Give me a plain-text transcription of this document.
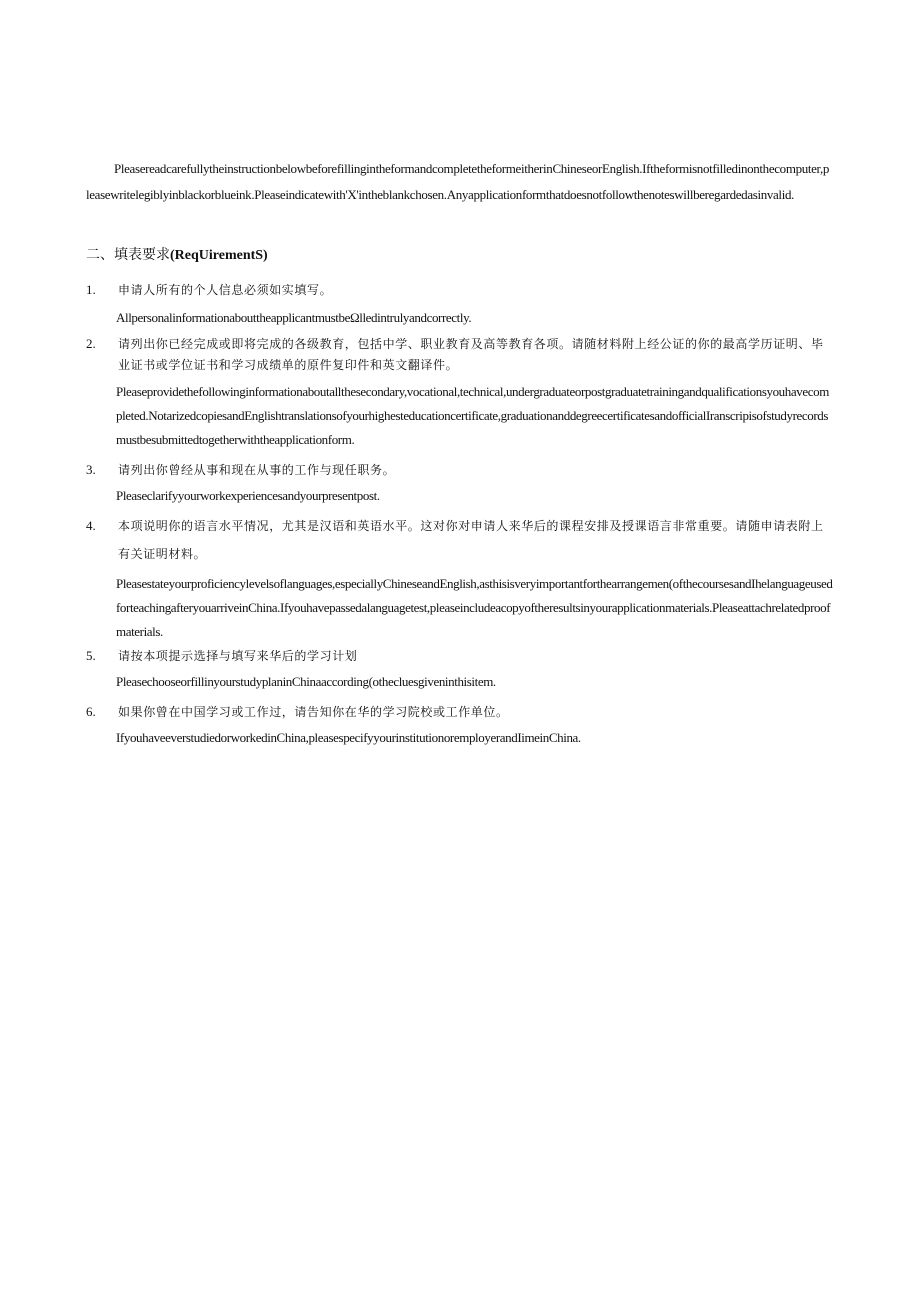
PleasereadcarefullytheinstructionbelowbeforefillingintheformandcompletetheformeitherinChineseorEnglish.Iftheformisnotfilledinonthecomputer,pleasewritelegiblyinblackorblueink.Pleaseindicatewith'X'intheblankchosen.Anyapplicationformthatdoesnotfollowthenoteswillberegardedasinvalid.
二、填表要求(ReqUirementS)
1.	申请人所有的个人信息必须如实填写。
AllpersonalinformationabouttheapplicantmustbeΩlledintrulyandcorrectly.
2.	请列出你已经完成或即将完成的各级教育，包括中学、职业教育及高等教育各项。请随材料附上经公证的你的最高学历证明、毕业证书或学位证书和学习成绩单的原件复印件和英文翻译件。
Pleaseprovidethefollowinginformationaboutallthesecondary,vocational,technical,undergraduateorpostgraduatetrainingandqualificationsyouhavecompleted.NotarizedcopiesandEnglishtranslationsofyourhighesteducationcertificate,graduationanddegreecertificatesandofficialIranscripisofstudyrecordsmustbesubmittedtogetherwiththeapplicationform.
3.	请列出你曾经从事和现在从事的工作与现任职务。
Pleaseclarifyyourworkexperiencesandyourpresentpost.
4.	本项说明你的语言水平情况，尤其是汉语和英语水平。这对你对申请人来华后的课程安排及授课语言非常重要。请随申请表附上有关证明材料。
Pleasestateyourproficiencylevelsoflanguages,especiallyChineseandEnglish,asthisisveryimportantforthearrangemen(ofthecoursesandIhelanguageusedforteachingafteryouarriveinChina.Ifyouhavepassedalanguagetest,pleaseincludeacopyoftheresultsinyourapplicationmaterials.Pleaseattachrelatedproofmaterials.
5.	请按本项提示选择与填写来华后的学习计划
PleasechooseorfillinyourstudyplaninChinaaccording(othecluesgiveninthisitem.
6.	如果你曾在中国学习或工作过，请告知你在华的学习院校或工作单位。
IfyouhaveeverstudiedorworkedinChina,pleasespecifyyourinstitutionoremployerandIimeinChina.
